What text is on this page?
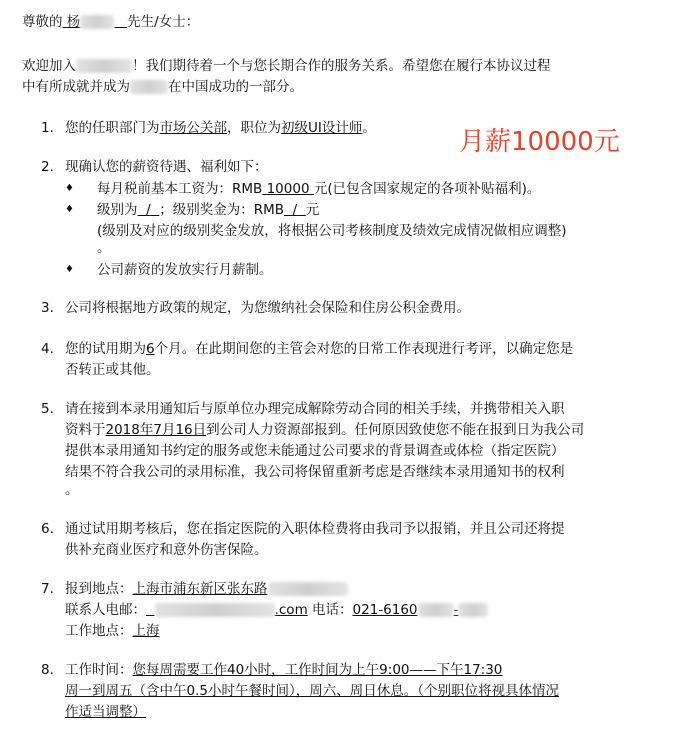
尊敬的 杨	先生/女士：
欢迎加入	！我们期待着一个与您长期合作的服务关系。希望您在履行本协议过程
中有所成就并成为	在中国成功的一部分。
1. 您的任职部门为市场公关部，职位为初级UI设计师。	月薪10000元
2. 现确认您的薪资待遇、福利如下：
♦ 每月税前基本工资为：RMB 10000 元(已包含国家规定的各项补贴福利)。
♦ 级别为 / ；级别奖金为：RMB / 元
(级别及对应的级别奖金发放，将根据公司考核制度及绩效完成情况做相应调整)
。
♦ 公司薪资的发放实行月薪制。
3. 公司将根据地方政策的规定，为您缴纳社会保险和住房公积金费用。
4. 您的试用期为6个月。在此期间您的主管会对您的日常工作表现进行考评，以确定您是
否转正或其他。
5. 请在接到本录用通知后与原单位办理完成解除劳动合同的相关手续，并携带相关入职
资料于2018年7月16日到公司人力资源部报到。任何原因致使您不能在报到日为我公司
提供本录用通知书约定的服务或您未能通过公司要求的背景调查或体检（指定医院）
结果不符合我公司的录用标准，我公司将保留重新考虑是否继续本录用通知书的权利
。
6. 通过试用期考核后，您在指定医院的入职体检费将由我司予以报销，并且公司还将提
供补充商业医疗和意外伤害保险。
7. 报到地点：上海市浦东新区张东路
联系人电邮：	.com 电话：021-6160	-
工作地点：上海
8. 工作时间：您每周需要工作40小时，工作时间为上午9:00——下午17:30
周一到周五（含中午0.5小时午餐时间），周六、周日休息。（个别职位将视具体情况
作适当调整）
